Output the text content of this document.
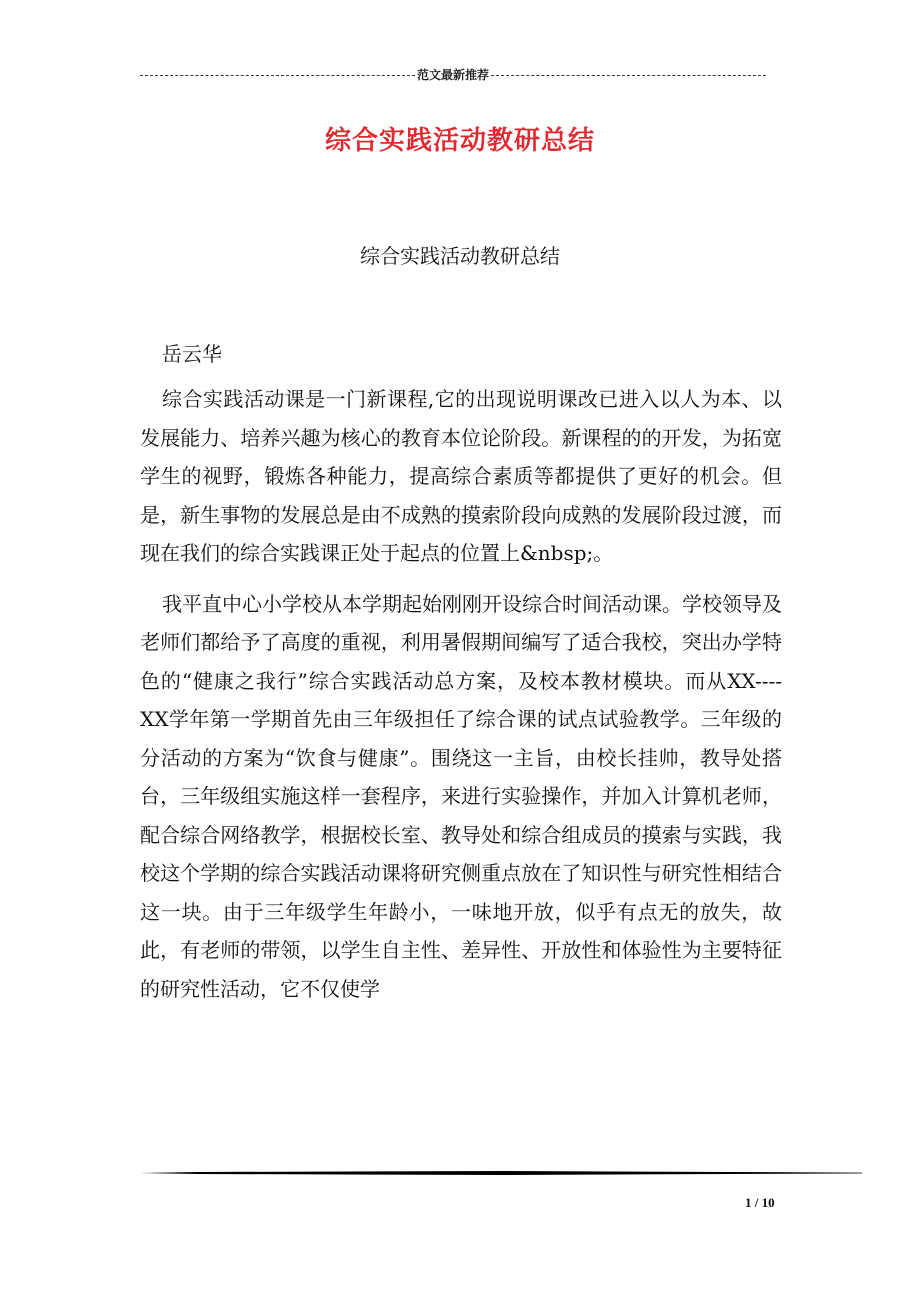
范文最新推荐
综合实践活动教研总结
综合实践活动教研总结
岳云华

综合实践活动课是一门新课程,它的出现说明课改已进入以人为本、以发展能力、培养兴趣为核心的教育本位论阶段。新课程的的开发，为拓宽学生的视野，锻炼各种能力，提高综合素质等都提供了更好的机会。但是，新生事物的发展总是由不成熟的摸索阶段向成熟的发展阶段过渡，而现在我们的综合实践课正处于起点的位置上&nbsp;。

我平直中心小学校从本学期起始刚刚开设综合时间活动课。学校领导及老师们都给予了高度的重视，利用暑假期间编写了适合我校，突出办学特色的“健康之我行”综合实践活动总方案，及校本教材模块。而从XX----XX学年第一学期首先由三年级担任了综合课的试点试验教学。三年级的分活动的方案为“饮食与健康”。围绕这一主旨，由校长挂帅，教导处搭台，三年级组实施这样一套程序，来进行实验操作，并加入计算机老师，配合综合网络教学，根据校长室、教导处和综合组成员的摸索与实践，我校这个学期的综合实践活动课将研究侧重点放在了知识性与研究性相结合这一块。由于三年级学生年龄小，一味地开放，似乎有点无的放失，故此，有老师的带领，以学生自主性、差异性、开放性和体验性为主要特征的研究性活动，它不仅使学

1 / 10
